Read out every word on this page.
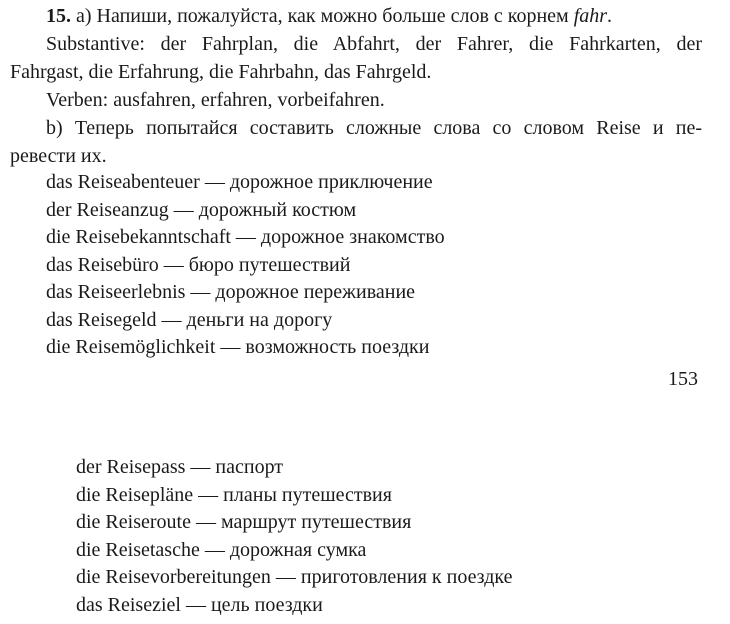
15. a) Напиши, пожалуйста, как можно больше слов с корнем fahr.
Substantive: der Fahrplan, die Abfahrt, der Fahrer, die Fahrkarten, der
Fahrgast, die Erfahrung, die Fahrbahn, das Fahrgeld.
Verben: ausfahren, erfahren, vorbeifahren.
b) Теперь попытайся составить сложные слова со словом Reise и пе-
ревести их.
das Reiseabenteuer — дорожное приключение
der Reiseanzug — дорожный костюм
die Reisebekanntschaft — дорожное знакомство
das Reisebüro — бюро путешествий
das Reiseerlebnis — дорожное переживание
das Reisegeld — деньги на дорогу
die Reisemöglichkeit — возможность поездки
153
der Reisepass — паспорт
die Reisepläne — планы путешествия
die Reiseroute — маршрут путешествия
die Reisetasche — дорожная сумка
die Reisevorbereitungen — приготовления к поездке
das Reiseziel — цель поездки
